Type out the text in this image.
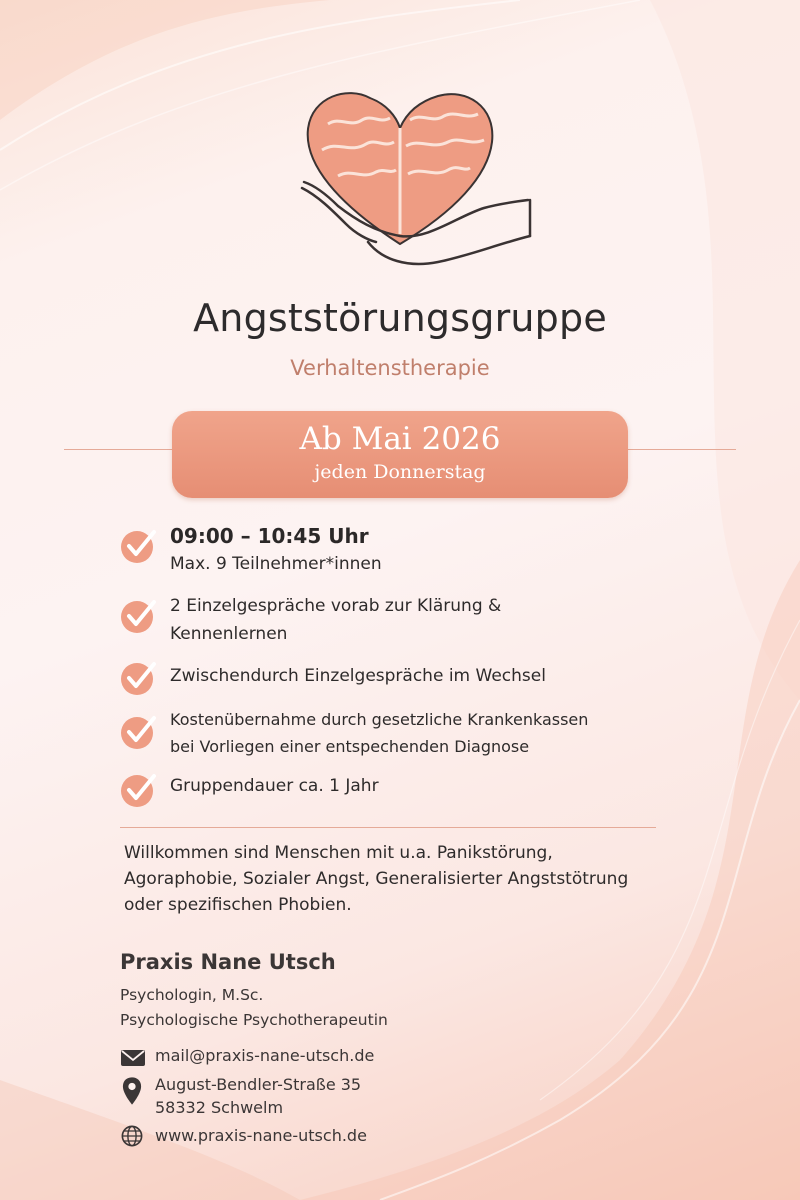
Angststörungsgruppe
Verhaltenstherapie
Ab Mai 2026
jeden Donnerstag
09:00 – 10:45 Uhr
Max. 9 Teilnehmer*innen
2 Einzelgespräche vorab zur Klärung &
Kennenlernen
Zwischendurch Einzelgespräche im Wechsel
Kostenübernahme durch gesetzliche Krankenkassen
bei Vorliegen einer entspechenden Diagnose
Gruppendauer ca. 1 Jahr
Willkommen sind Menschen mit u.a. Panikstörung,
Agoraphobie, Sozialer Angst, Generalisierter Angststötrung
oder spezifischen Phobien.
Praxis Nane Utsch
Psychologin, M.Sc.
Psychologische Psychotherapeutin
mail@praxis-nane-utsch.de
August-Bendler-Straße 35
58332 Schwelm
www.praxis-nane-utsch.de
